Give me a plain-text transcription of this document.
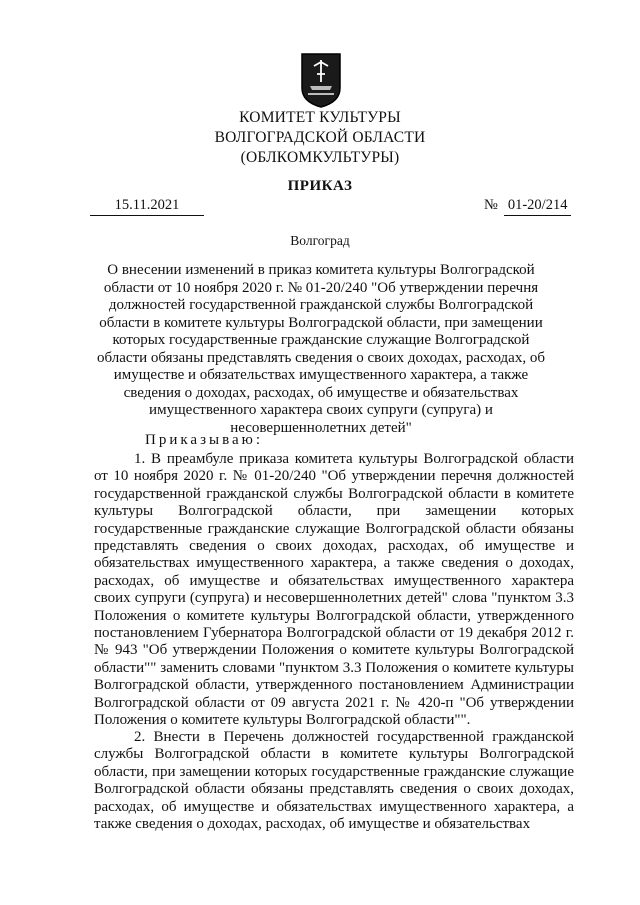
КОМИТЕТ КУЛЬТУРЫ
ВОЛГОГРАДСКОЙ ОБЛАСТИ
(ОБЛКОМКУЛЬТУРЫ)
ПРИКАЗ
15.11.2021	№ 01-20/214
Волгоград
О внесении изменений в приказ комитета культуры Волгоградской области от 10 ноября 2020 г. № 01-20/240 "Об утверждении перечня должностей государственной гражданской службы Волгоградской области в комитете культуры Волгоградской области, при замещении которых государственные гражданские служащие Волгоградской области обязаны представлять сведения о своих доходах, расходах, об имуществе и обязательствах имущественного характера, а также сведения о доходах, расходах, об имуществе и обязательствах имущественного характера своих супруги (супруга) и несовершеннолетних детей"
Приказываю:

1. В преамбуле приказа комитета культуры Волгоградской области от 10 ноября 2020 г. № 01-20/240 "Об утверждении перечня должностей государственной гражданской службы Волгоградской области в комитете культуры Волгоградской области, при замещении которых государственные гражданские служащие Волгоградской области обязаны представлять сведения о своих доходах, расходах, об имуществе и обязательствах имущественного характера, а также сведения о доходах, расходах, об имуществе и обязательствах имущественного характера своих супруги (супруга) и несовершеннолетних детей" слова "пунктом 3.3 Положения о комитете культуры Волгоградской области, утвержденного постановлением Губернатора Волгоградской области от 19 декабря 2012 г. № 943 "Об утверждении Положения о комитете культуры Волгоградской области"" заменить словами "пунктом 3.3 Положения о комитете культуры Волгоградской области, утвержденного постановлением Администрации Волгоградской области от 09 августа 2021 г. № 420-п "Об утверждении Положения о комитете культуры Волгоградской области"".

2. Внести в Перечень должностей государственной гражданской службы Волгоградской области в комитете культуры Волгоградской области, при замещении которых государственные гражданские служащие Волгоградской области обязаны представлять сведения о своих доходах, расходах, об имуществе и обязательствах имущественного характера, а также сведения о доходах, расходах, об имуществе и обязательствах
